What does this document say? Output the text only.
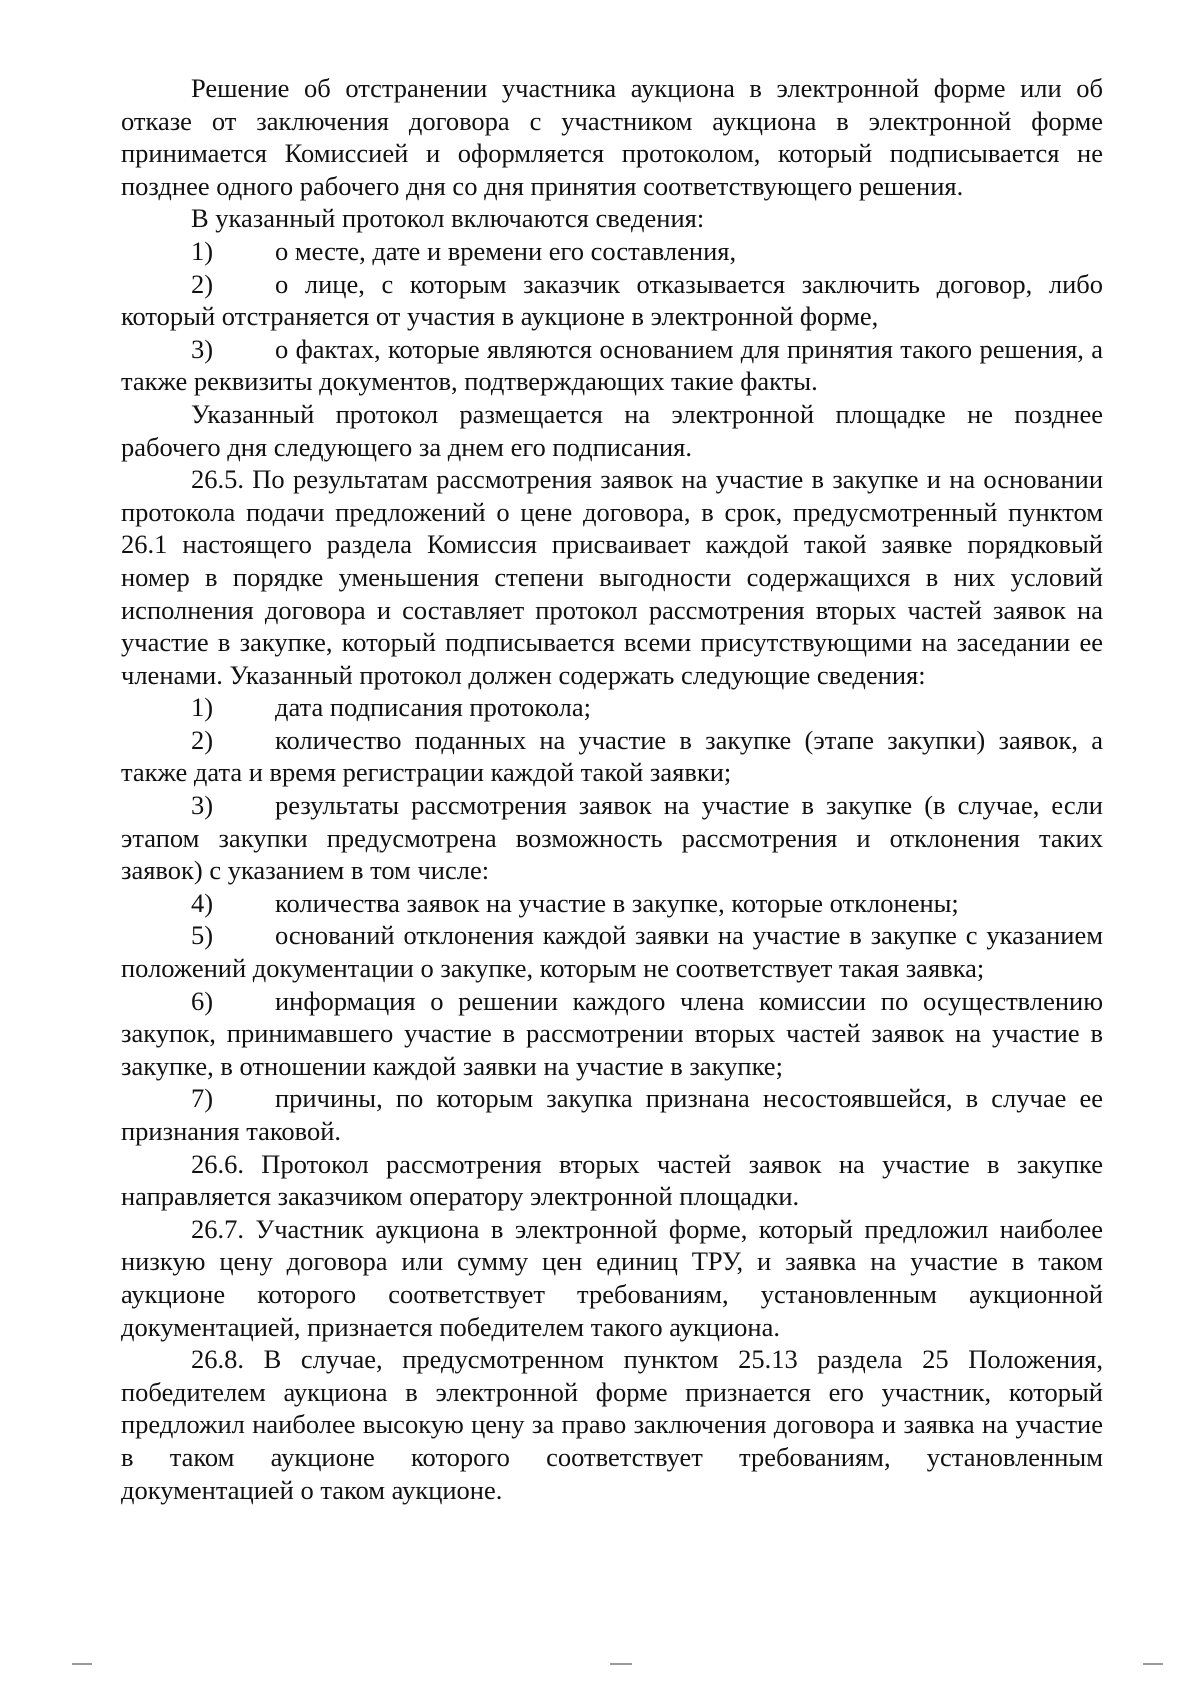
Решение об отстранении участника аукциона в электронной форме или об отказе от заключения договора с участником аукциона в электронной форме принимается Комиссией и оформляется протоколом, который подписывается не позднее одного рабочего дня со дня принятия соответствующего решения.

В указанный протокол включаются сведения:

1) о месте, дате и времени его составления,

2) о лице, с которым заказчик отказывается заключить договор, либо который отстраняется от участия в аукционе в электронной форме,

3) о фактах, которые являются основанием для принятия такого решения, а также реквизиты документов, подтверждающих такие факты.

Указанный протокол размещается на электронной площадке не позднее рабочего дня следующего за днем его подписания.

26.5. По результатам рассмотрения заявок на участие в закупке и на основании протокола подачи предложений о цене договора, в срок, предусмотренный пунктом 26.1 настоящего раздела Комиссия присваивает каждой такой заявке порядковый номер в порядке уменьшения степени выгодности содержащихся в них условий исполнения договора и составляет протокол рассмотрения вторых частей заявок на участие в закупке, который подписывается всеми присутствующими на заседании ее членами. Указанный протокол должен содержать следующие сведения:

1) дата подписания протокола;

2) количество поданных на участие в закупке (этапе закупки) заявок, а также дата и время регистрации каждой такой заявки;

3) результаты рассмотрения заявок на участие в закупке (в случае, если этапом закупки предусмотрена возможность рассмотрения и отклонения таких заявок) с указанием в том числе:

4) количества заявок на участие в закупке, которые отклонены;

5) оснований отклонения каждой заявки на участие в закупке с указанием положений документации о закупке, которым не соответствует такая заявка;

6) информация о решении каждого члена комиссии по осуществлению закупок, принимавшего участие в рассмотрении вторых частей заявок на участие в закупке, в отношении каждой заявки на участие в закупке;

7) причины, по которым закупка признана несостоявшейся, в случае ее признания таковой.

26.6. Протокол рассмотрения вторых частей заявок на участие в закупке направляется заказчиком оператору электронной площадки.

26.7. Участник аукциона в электронной форме, который предложил наиболее низкую цену договора или сумму цен единиц ТРУ, и заявка на участие в таком аукционе которого соответствует требованиям, установленным аукционной документацией, признается победителем такого аукциона.

26.8. В случае, предусмотренном пунктом 25.13 раздела 25 Положения, победителем аукциона в электронной форме признается его участник, который предложил наиболее высокую цену за право заключения договора и заявка на участие в таком аукционе которого соответствует требованиям, установленным документацией о таком аукционе.
